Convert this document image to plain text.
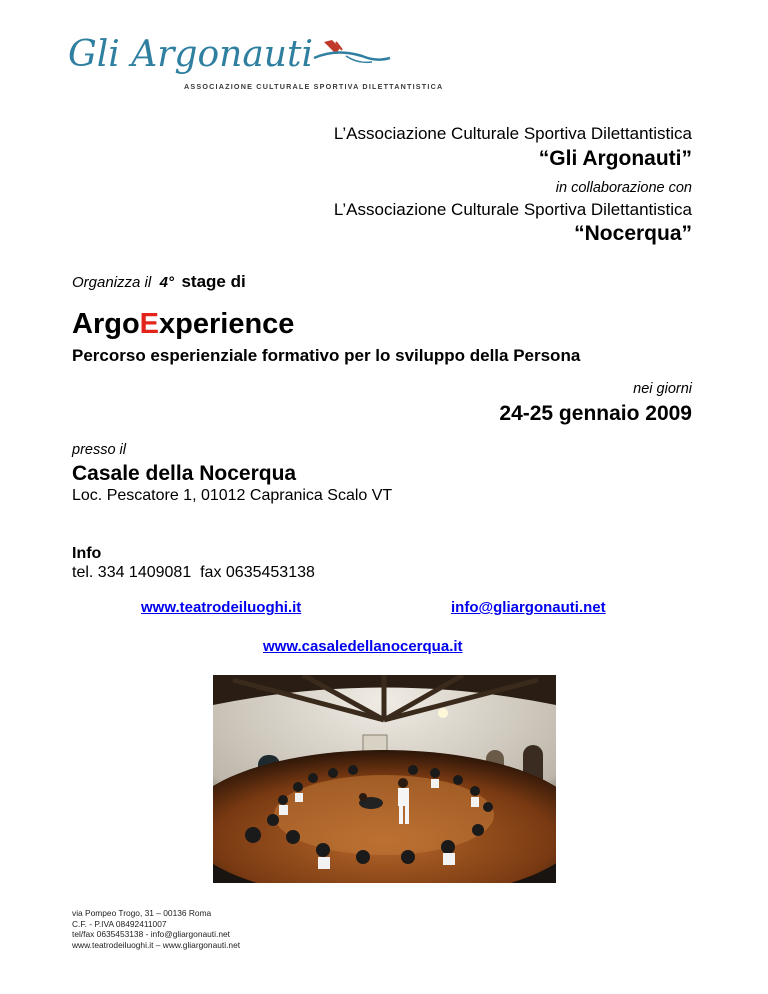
Gli Argonauti
ASSOCIAZIONE CULTURALE SPORTIVA DILETTANTISTICA
L’Associazione Culturale Sportiva Dilettantistica
“Gli Argonauti”
in collaborazione con
L’Associazione Culturale Sportiva Dilettantistica
“Nocerqua”
Organizza il 4° stage di
ArgoExperience
Percorso esperienziale formativo per lo sviluppo della Persona
nei giorni
24-25 gennaio 2009
presso il
Casale della Nocerqua
Loc. Pescatore 1, 01012 Capranica Scalo VT
Info
tel. 334 1409081  fax 0635453138
www.teatrodeiluoghi.it	info@gliargonauti.net
www.casaledellanocerqua.it
via Pompeo Trogo, 31 – 00136 Roma
C.F. - P.IVA 08492411007
tel/fax 0635453138 - info@gliargonauti.net
www.teatrodeiluoghi.it – www.gliargonauti.net
